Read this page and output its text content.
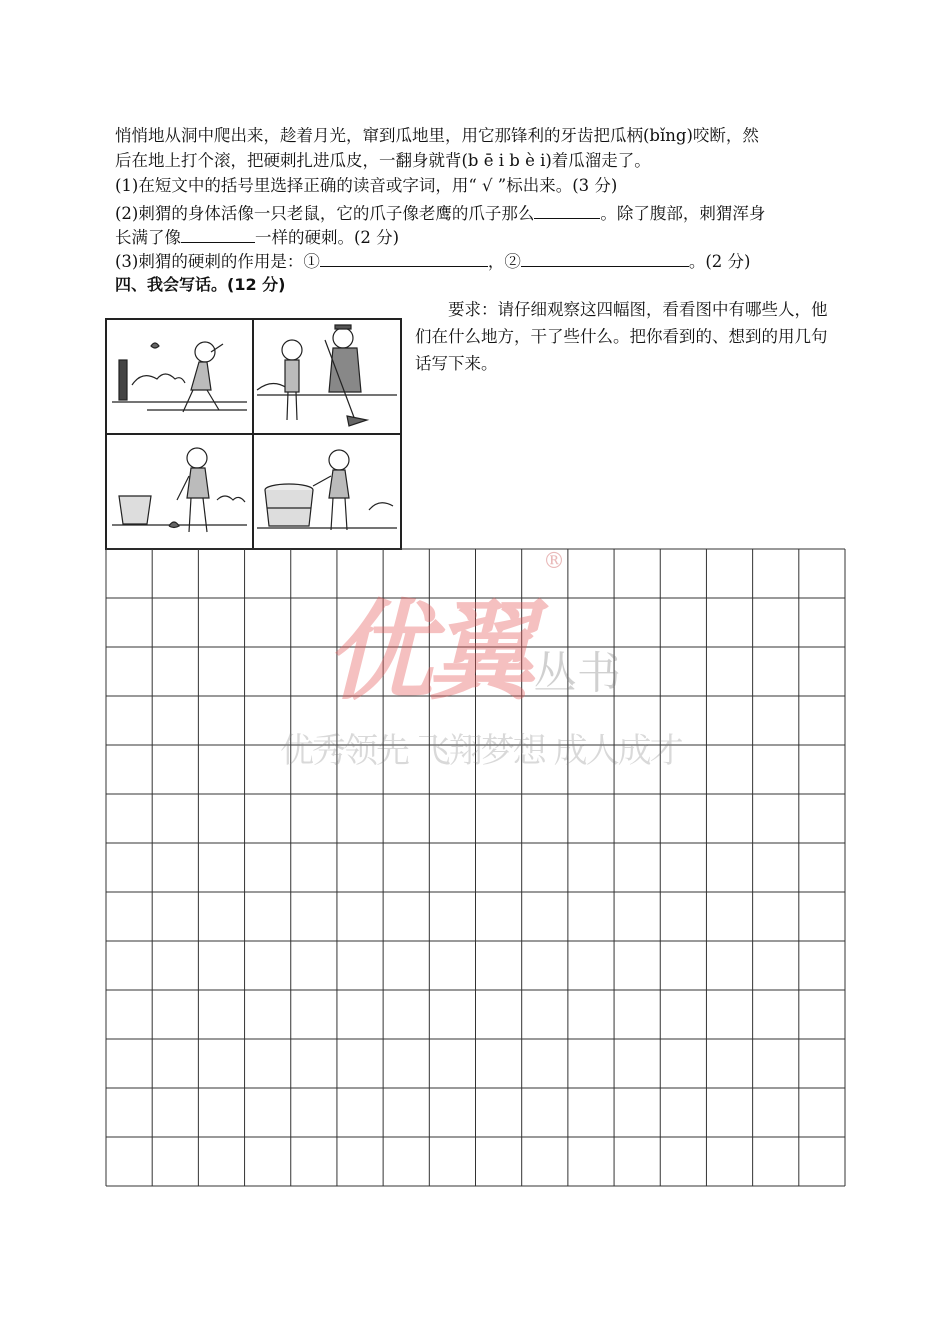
悄悄地从洞中爬出来，趁着月光，窜到瓜地里，用它那锋利的牙齿把瓜柄(bǐng)咬断，然
后在地上打个滚，把硬刺扎进瓜皮，一翻身就背(b ē i b è i)着瓜溜走了。
(1)在短文中的括号里选择正确的读音或字词，用“ √ ”标出来。(3 分)
(2)刺猬的身体活像一只老鼠，它的爪子像老鹰的爪子那么	。除了腹部，刺猬浑身
长满了像	一样的硬刺。(2 分)
(3)刺猬的硬刺的作用是：①	，②	。(2 分)
四、我会写话。(12 分)
要求：请仔细观察这四幅图，看看图中有哪些人，他们在什么地方，干了些什么。把你看到的、想到的用几句话写下来。
优翼
®
丛书
优秀领先 飞翔梦想 成人成才
